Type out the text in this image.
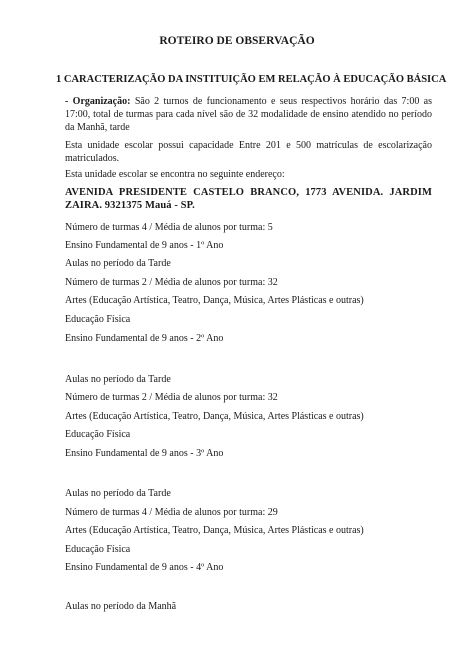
ROTEIRO DE OBSERVAÇÃO
1 CARACTERIZAÇÃO DA INSTITUIÇÃO EM RELAÇÃO À EDUCAÇÃO BÁSICA
- Organização: São 2 turnos de funcionamento e seus respectivos horário das 7:00 as 17:00, total de turmas para cada nível são de 32 modalidade de ensino atendido no período da Manhã, tarde
Esta unidade escolar possui capacidade Entre 201 e 500 matrículas de escolarização matriculados.
Esta unidade escolar se encontra no seguinte endereço:
AVENIDA PRESIDENTE CASTELO BRANCO, 1773 AVENIDA. JARDIM ZAIRA. 9321375 Mauá - SP.
Número de turmas 4 / Média de alunos por turma: 5
Ensino Fundamental de 9 anos - 1º Ano
Aulas no período da Tarde
Número de turmas 2 / Média de alunos por turma: 32
Artes (Educação Artística, Teatro, Dança, Música, Artes Plásticas e outras)
Educação Física
Ensino Fundamental de 9 anos - 2º Ano
Aulas no período da Tarde
Número de turmas 2 / Média de alunos por turma: 32
Artes (Educação Artística, Teatro, Dança, Música, Artes Plásticas e outras)
Educação Física
Ensino Fundamental de 9 anos - 3º Ano
Aulas no período da Tarde
Número de turmas 4 / Média de alunos por turma: 29
Artes (Educação Artística, Teatro, Dança, Música, Artes Plásticas e outras)
Educação Física
Ensino Fundamental de 9 anos - 4º Ano
Aulas no período da Manhã
